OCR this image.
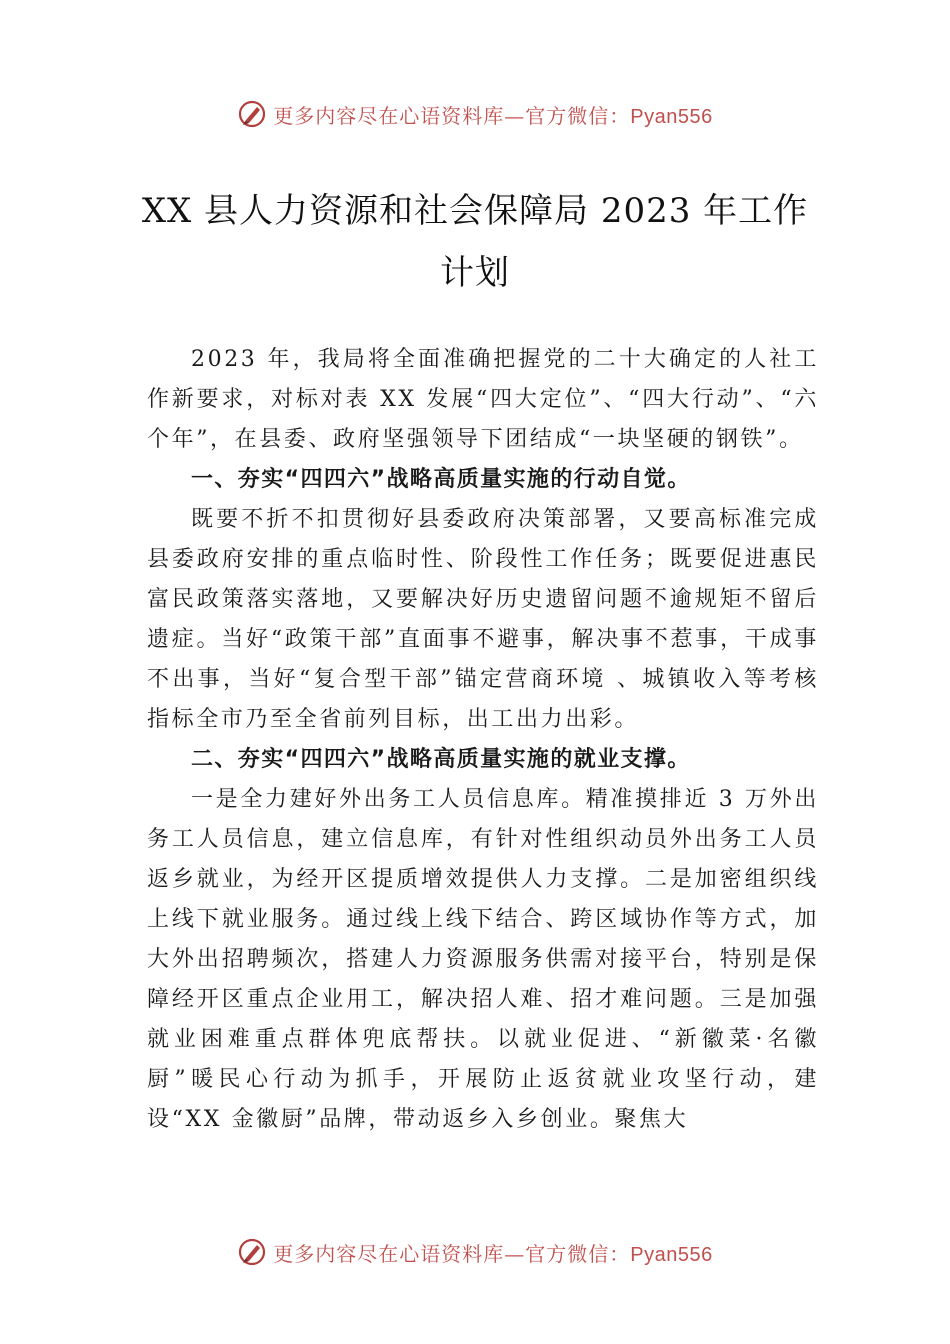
更多内容尽在心语资料库—官方微信：Pyan556
XX 县人力资源和社会保障局 2023 年工作
计划

2023 年，我局将全面准确把握党的二十大确定的人社工作新要求，对标对表 XX 发展“四大定位”、“四大行动”、“六个年”，在县委、政府坚强领导下团结成“一块坚硬的钢铁”。

一、夯实“四四六”战略高质量实施的行动自觉。

既要不折不扣贯彻好县委政府决策部署，又要高标准完成县委政府安排的重点临时性、阶段性工作任务；既要促进惠民富民政策落实落地，又要解决好历史遗留问题不逾规矩不留后遗症。当好“政策干部”直面事不避事，解决事不惹事，干成事不出事，当好“复合型干部”锚定营商环境 、城镇收入等考核指标全市乃至全省前列目标，出工出力出彩。

二、夯实“四四六”战略高质量实施的就业支撑。

一是全力建好外出务工人员信息库。精准摸排近 3 万外出务工人员信息，建立信息库，有针对性组织动员外出务工人员返乡就业，为经开区提质增效提供人力支撑。二是加密组织线上线下就业服务。通过线上线下结合、跨区域协作等方式，加大外出招聘频次，搭建人力资源服务供需对接平台，特别是保障经开区重点企业用工，解决招人难、招才难问题。三是加强就业困难重点群体兜底帮扶。以就业促进、“新徽菜·名徽厨”暖民心行动为抓手，开展防止返贫就业攻坚行动，建设“XX 金徽厨”品牌，带动返乡入乡创业。聚焦大

更多内容尽在心语资料库—官方微信：Pyan556
